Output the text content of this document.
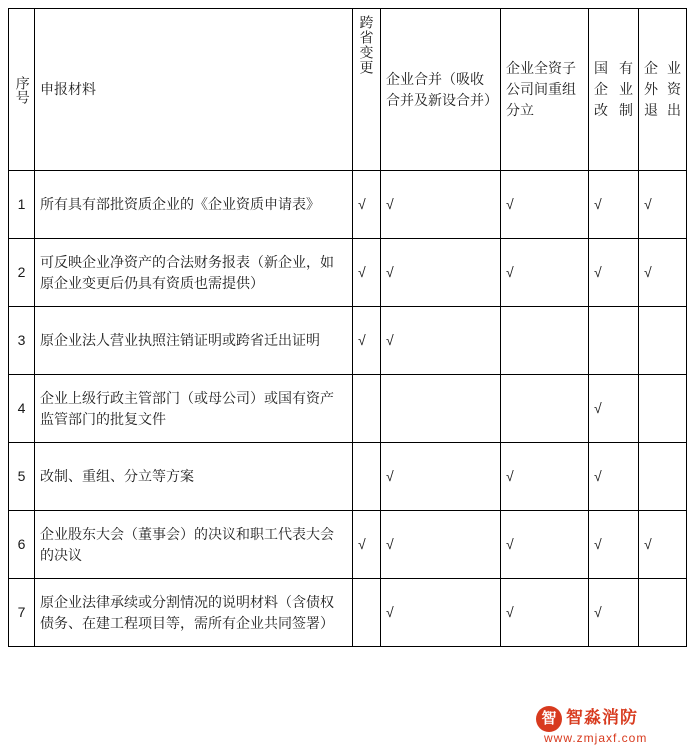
序号	申报材料	跨省变更	企业合并（吸收合并及新设合并）	企业全资子公司间重组分立	国有企业改制	企业外资退出

1	所有具有部批资质企业的《企业资质申请表》	√	√	√	√	√
2	可反映企业净资产的合法财务报表（新企业，如原企业变更后仍具有资质也需提供）	√	√	√	√	√
3	原企业法人营业执照注销证明或跨省迁出证明	√	√			
4	企业上级行政主管部门（或母公司）或国有资产监管部门的批复文件				√	
5	改制、重组、分立等方案		√	√	√	
6	企业股东大会（董事会）的决议和职工代表大会的决议	√	√	√	√	√
7	原企业法律承续或分割情况的说明材料（含债权债务、在建工程项目等，需所有企业共同签署）		√	√	√	
智 智淼消防
www.zmjaxf.com
